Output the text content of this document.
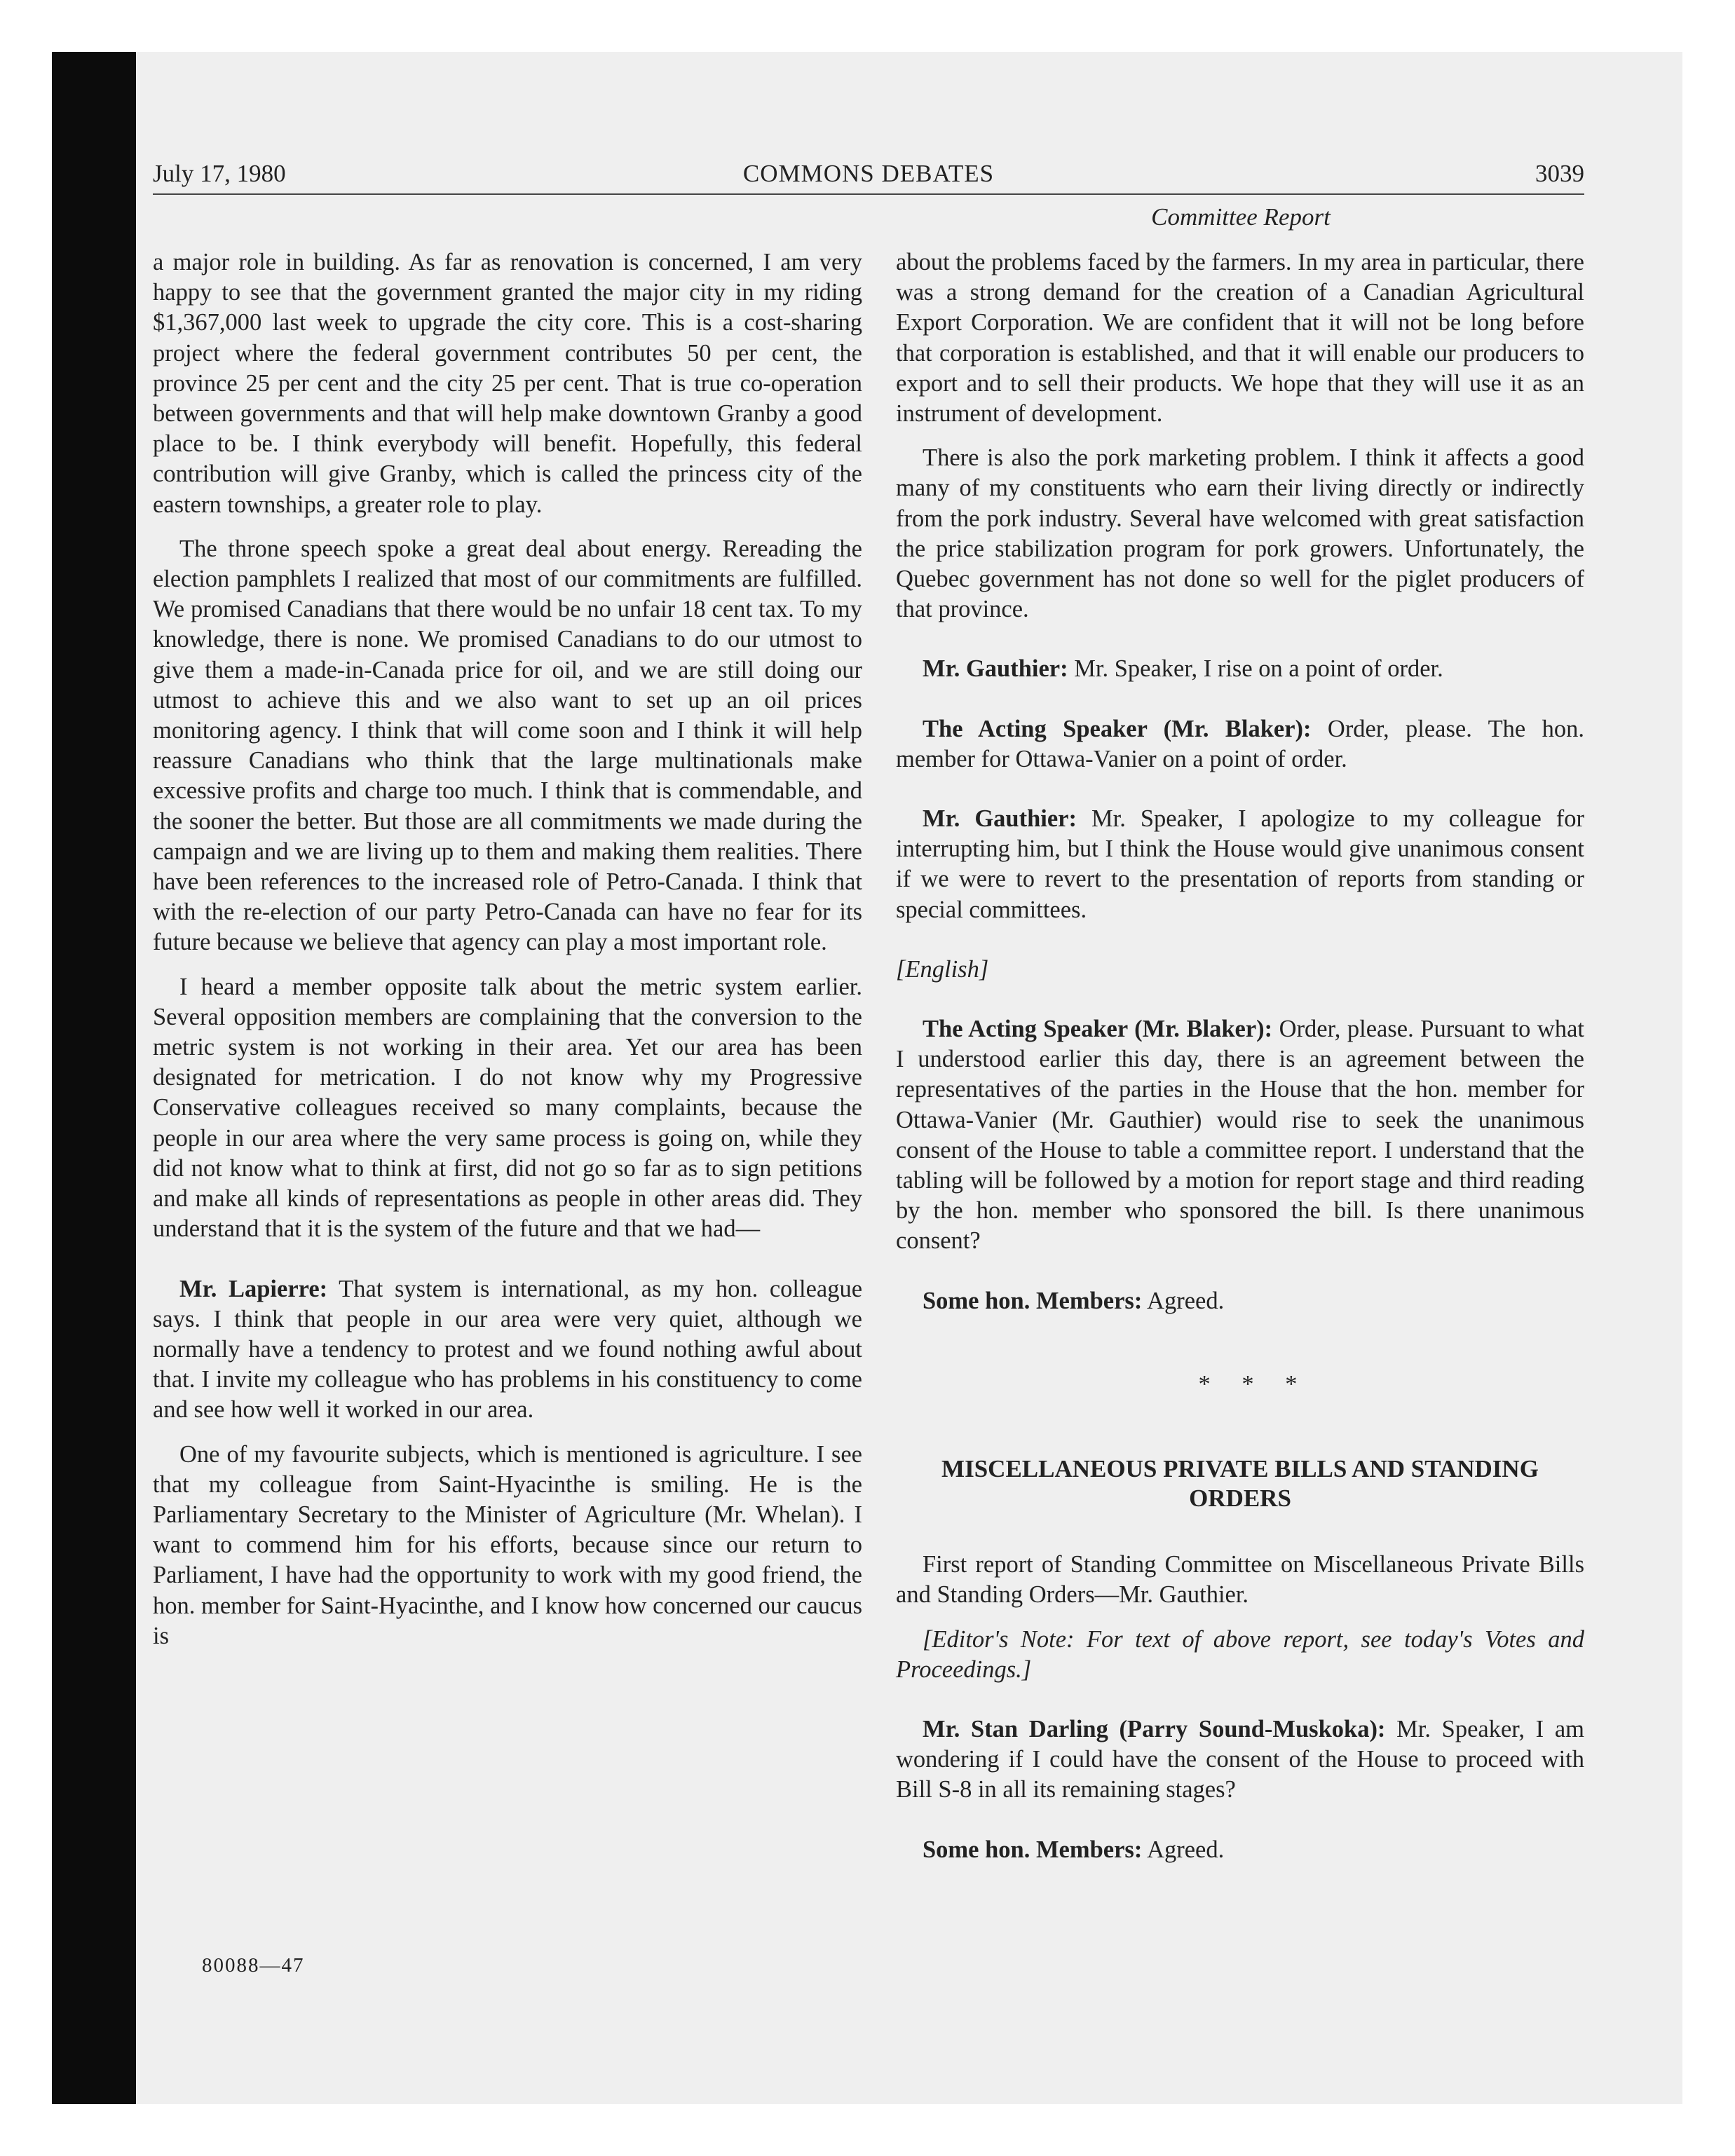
July 17, 1980	COMMONS DEBATES	3039
Committee Report

a major role in building. As far as renovation is concerned, I am very happy to see that the government granted the major city in my riding $1,367,000 last week to upgrade the city core. This is a cost-sharing project where the federal government contributes 50 per cent, the province 25 per cent and the city 25 per cent. That is true co-operation between governments and that will help make downtown Granby a good place to be. I think everybody will benefit. Hopefully, this federal contribution will give Granby, which is called the princess city of the eastern townships, a greater role to play.

The throne speech spoke a great deal about energy. Rereading the election pamphlets I realized that most of our commitments are fulfilled. We promised Canadians that there would be no unfair 18 cent tax. To my knowledge, there is none. We promised Canadians to do our utmost to give them a made-in-Canada price for oil, and we are still doing our utmost to achieve this and we also want to set up an oil prices monitoring agency. I think that will come soon and I think it will help reassure Canadians who think that the large multinationals make excessive profits and charge too much. I think that is commendable, and the sooner the better. But those are all commitments we made during the campaign and we are living up to them and making them realities. There have been references to the increased role of Petro-Canada. I think that with the re-election of our party Petro-Canada can have no fear for its future because we believe that agency can play a most important role.

I heard a member opposite talk about the metric system earlier. Several opposition members are complaining that the conversion to the metric system is not working in their area. Yet our area has been designated for metrication. I do not know why my Progressive Conservative colleagues received so many complaints, because the people in our area where the very same process is going on, while they did not know what to think at first, did not go so far as to sign petitions and make all kinds of representations as people in other areas did. They understand that it is the system of the future and that we had—

Mr. Lapierre: That system is international, as my hon. colleague says. I think that people in our area were very quiet, although we normally have a tendency to protest and we found nothing awful about that. I invite my colleague who has problems in his constituency to come and see how well it worked in our area.

One of my favourite subjects, which is mentioned is agriculture. I see that my colleague from Saint-Hyacinthe is smiling. He is the Parliamentary Secretary to the Minister of Agriculture (Mr. Whelan). I want to commend him for his efforts, because since our return to Parliament, I have had the opportunity to work with my good friend, the hon. member for Saint-Hyacinthe, and I know how concerned our caucus is

about the problems faced by the farmers. In my area in particular, there was a strong demand for the creation of a Canadian Agricultural Export Corporation. We are confident that it will not be long before that corporation is established, and that it will enable our producers to export and to sell their products. We hope that they will use it as an instrument of development.

There is also the pork marketing problem. I think it affects a good many of my constituents who earn their living directly or indirectly from the pork industry. Several have welcomed with great satisfaction the price stabilization program for pork growers. Unfortunately, the Quebec government has not done so well for the piglet producers of that province.

Mr. Gauthier: Mr. Speaker, I rise on a point of order.

The Acting Speaker (Mr. Blaker): Order, please. The hon. member for Ottawa-Vanier on a point of order.

Mr. Gauthier: Mr. Speaker, I apologize to my colleague for interrupting him, but I think the House would give unanimous consent if we were to revert to the presentation of reports from standing or special committees.

[English]

The Acting Speaker (Mr. Blaker): Order, please. Pursuant to what I understood earlier this day, there is an agreement between the representatives of the parties in the House that the hon. member for Ottawa-Vanier (Mr. Gauthier) would rise to seek the unanimous consent of the House to table a committee report. I understand that the tabling will be followed by a motion for report stage and third reading by the hon. member who sponsored the bill. Is there unanimous consent?

Some hon. Members: Agreed.

* * *

MISCELLANEOUS PRIVATE BILLS AND STANDING ORDERS

First report of Standing Committee on Miscellaneous Private Bills and Standing Orders—Mr. Gauthier.

[Editor's Note: For text of above report, see today's Votes and Proceedings.]

Mr. Stan Darling (Parry Sound-Muskoka): Mr. Speaker, I am wondering if I could have the consent of the House to proceed with Bill S-8 in all its remaining stages?

Some hon. Members: Agreed.

80088—47
